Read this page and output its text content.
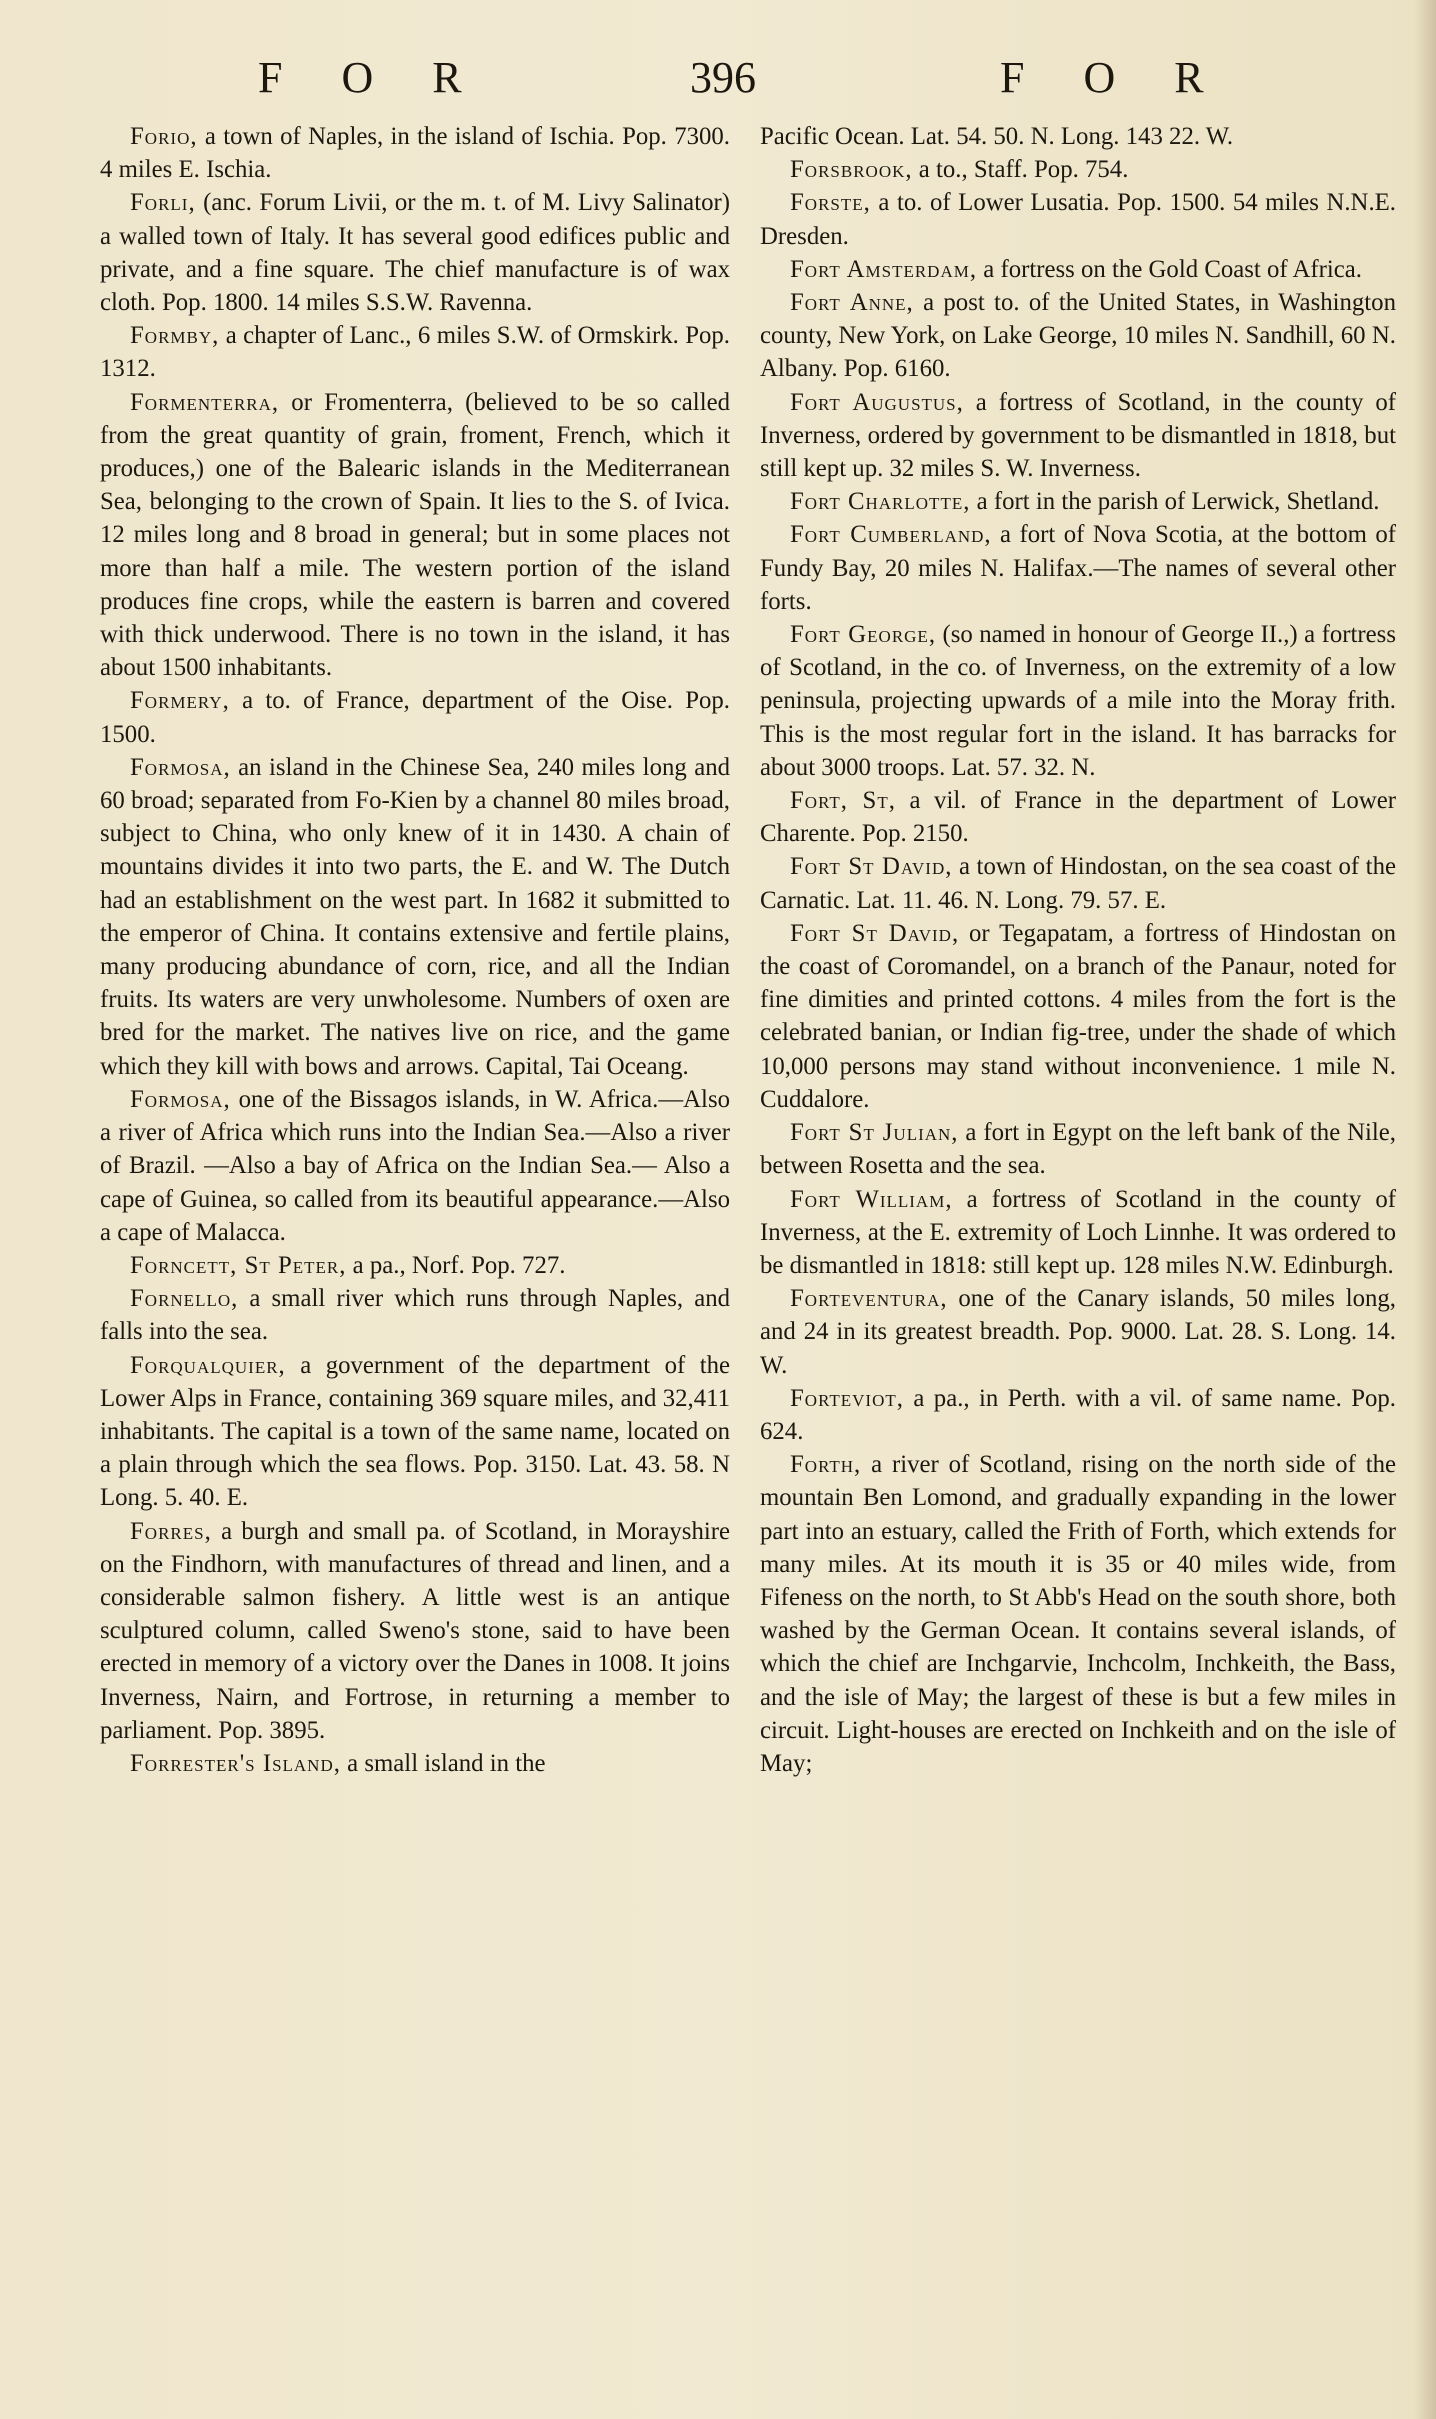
F O R	396	F O R

Forio, a town of Naples, in the island of Ischia. Pop. 7300. 4 miles E. Ischia.

Forli, (anc. Forum Livii, or the m. t. of M. Livy Salinator) a walled town of Italy. It has several good edifices public and private, and a fine square. The chief manufacture is of wax cloth. Pop. 1800. 14 miles S.S.W. Ravenna.

Formby, a chapter of Lanc., 6 miles S.W. of Ormskirk. Pop. 1312.

Formenterra, or Fromenterra, (believed to be so called from the great quantity of grain, froment, French, which it produces,) one of the Balearic islands in the Mediterranean Sea, belonging to the crown of Spain. It lies to the S. of Ivica. 12 miles long and 8 broad in general; but in some places not more than half a mile. The western portion of the island produces fine crops, while the eastern is barren and covered with thick underwood. There is no town in the island, it has about 1500 inhabitants.

Formery, a to. of France, department of the Oise. Pop. 1500.

Formosa, an island in the Chinese Sea, 240 miles long and 60 broad; separated from Fo-Kien by a channel 80 miles broad, subject to China, who only knew of it in 1430. A chain of mountains divides it into two parts, the E. and W. The Dutch had an establishment on the west part. In 1682 it submitted to the emperor of China. It contains extensive and fertile plains, many producing abundance of corn, rice, and all the Indian fruits. Its waters are very unwholesome. Numbers of oxen are bred for the market. The natives live on rice, and the game which they kill with bows and arrows. Capital, Tai Oceang.

Formosa, one of the Bissagos islands, in W. Africa.—Also a river of Africa which runs into the Indian Sea.—Also a river of Brazil. —Also a bay of Africa on the Indian Sea.— Also a cape of Guinea, so called from its beautiful appearance.—Also a cape of Malacca.

Forncett, St Peter, a pa., Norf. Pop. 727.

Fornello, a small river which runs through Naples, and falls into the sea.

Forqualquier, a government of the department of the Lower Alps in France, containing 369 square miles, and 32,411 inhabitants. The capital is a town of the same name, located on a plain through which the sea flows. Pop. 3150. Lat. 43. 58. N Long. 5. 40. E.

Forres, a burgh and small pa. of Scotland, in Morayshire on the Findhorn, with manufactures of thread and linen, and a considerable salmon fishery. A little west is an antique sculptured column, called Sweno's stone, said to have been erected in memory of a victory over the Danes in 1008. It joins Inverness, Nairn, and Fortrose, in returning a member to parliament. Pop. 3895.

Forrester's Island, a small island in the

Pacific Ocean. Lat. 54. 50. N. Long. 143 22. W.

Forsbrook, a to., Staff. Pop. 754.

Forste, a to. of Lower Lusatia. Pop. 1500. 54 miles N.N.E. Dresden.

Fort Amsterdam, a fortress on the Gold Coast of Africa.

Fort Anne, a post to. of the United States, in Washington county, New York, on Lake George, 10 miles N. Sandhill, 60 N. Albany. Pop. 6160.

Fort Augustus, a fortress of Scotland, in the county of Inverness, ordered by government to be dismantled in 1818, but still kept up. 32 miles S. W. Inverness.

Fort Charlotte, a fort in the parish of Lerwick, Shetland.

Fort Cumberland, a fort of Nova Scotia, at the bottom of Fundy Bay, 20 miles N. Halifax.—The names of several other forts.

Fort George, (so named in honour of George II.,) a fortress of Scotland, in the co. of Inverness, on the extremity of a low peninsula, projecting upwards of a mile into the Moray frith. This is the most regular fort in the island. It has barracks for about 3000 troops. Lat. 57. 32. N.

Fort, St, a vil. of France in the department of Lower Charente. Pop. 2150.

Fort St David, a town of Hindostan, on the sea coast of the Carnatic. Lat. 11. 46. N. Long. 79. 57. E.

Fort St David, or Tegapatam, a fortress of Hindostan on the coast of Coromandel, on a branch of the Panaur, noted for fine dimities and printed cottons. 4 miles from the fort is the celebrated banian, or Indian fig-tree, under the shade of which 10,000 persons may stand without inconvenience. 1 mile N. Cuddalore.

Fort St Julian, a fort in Egypt on the left bank of the Nile, between Rosetta and the sea.

Fort William, a fortress of Scotland in the county of Inverness, at the E. extremity of Loch Linnhe. It was ordered to be dismantled in 1818: still kept up. 128 miles N.W. Edinburgh.

Forteventura, one of the Canary islands, 50 miles long, and 24 in its greatest breadth. Pop. 9000. Lat. 28. S. Long. 14. W.

Forteviot, a pa., in Perth. with a vil. of same name. Pop. 624.

Forth, a river of Scotland, rising on the north side of the mountain Ben Lomond, and gradually expanding in the lower part into an estuary, called the Frith of Forth, which extends for many miles. At its mouth it is 35 or 40 miles wide, from Fifeness on the north, to St Abb's Head on the south shore, both washed by the German Ocean. It contains several islands, of which the chief are Inchgarvie, Inchcolm, Inchkeith, the Bass, and the isle of May; the largest of these is but a few miles in circuit. Light-houses are erected on Inchkeith and on the isle of May;
